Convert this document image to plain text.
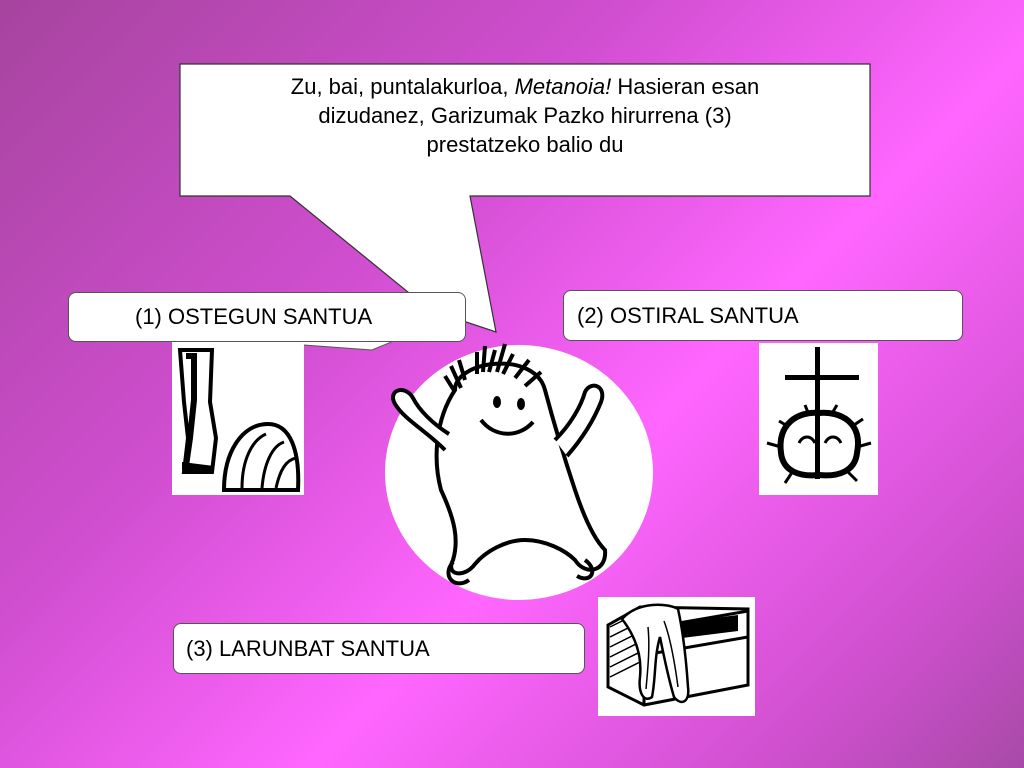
Zu, bai, puntalakurloa, Metanoia! Hasieran esan
dizudanez, Garizumak Pazko hirurrena (3)
prestatzeko balio du
(1) OSTEGUN SANTUA	(2) OSTIRAL SANTUA
(3) LARUNBAT SANTUA
